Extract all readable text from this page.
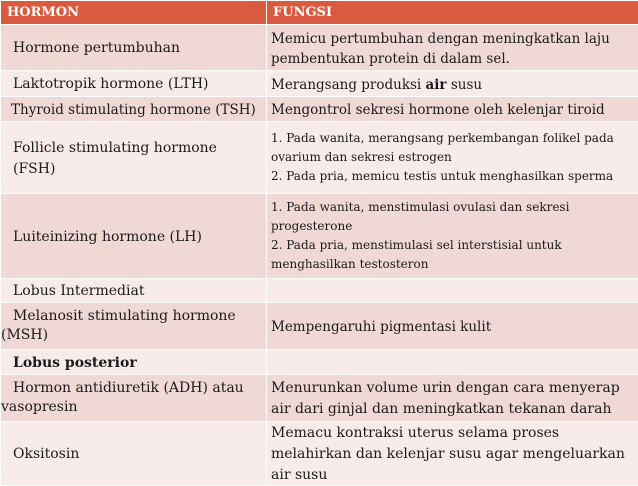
HORMON	FUNGSI
Hormone pertumbuhan	Memicu pertumbuhan dengan meningkatkan laju pembentukan protein di dalam sel.
Laktotropik hormone (LTH)	Merangsang produksi air susu
Thyroid stimulating hormone (TSH)	Mengontrol sekresi hormone oleh kelenjar tiroid
Follicle stimulating hormone (FSH)	1. Pada wanita, merangsang perkembangan folikel pada ovarium dan sekresi estrogen
2. Pada pria, memicu testis untuk menghasilkan sperma

Luiteinizing hormone (LH)	1. Pada wanita, menstimulasi ovulasi dan sekresi progesterone
2. Pada pria, menstimulasi sel interstisial untuk menghasilkan testosteron

Lobus Intermediat	

Melanosit stimulating hormone (MSH)	Mempengaruhi pigmentasi kulit
Lobus posterior	

Hormon antidiuretik (ADH) atau vasopresin	Menurunkan volume urin dengan cara menyerap air dari ginjal dan meningkatkan tekanan darah
Oksitosin	Memacu kontraksi uterus selama proses melahirkan dan kelenjar susu agar mengeluarkan air susu
